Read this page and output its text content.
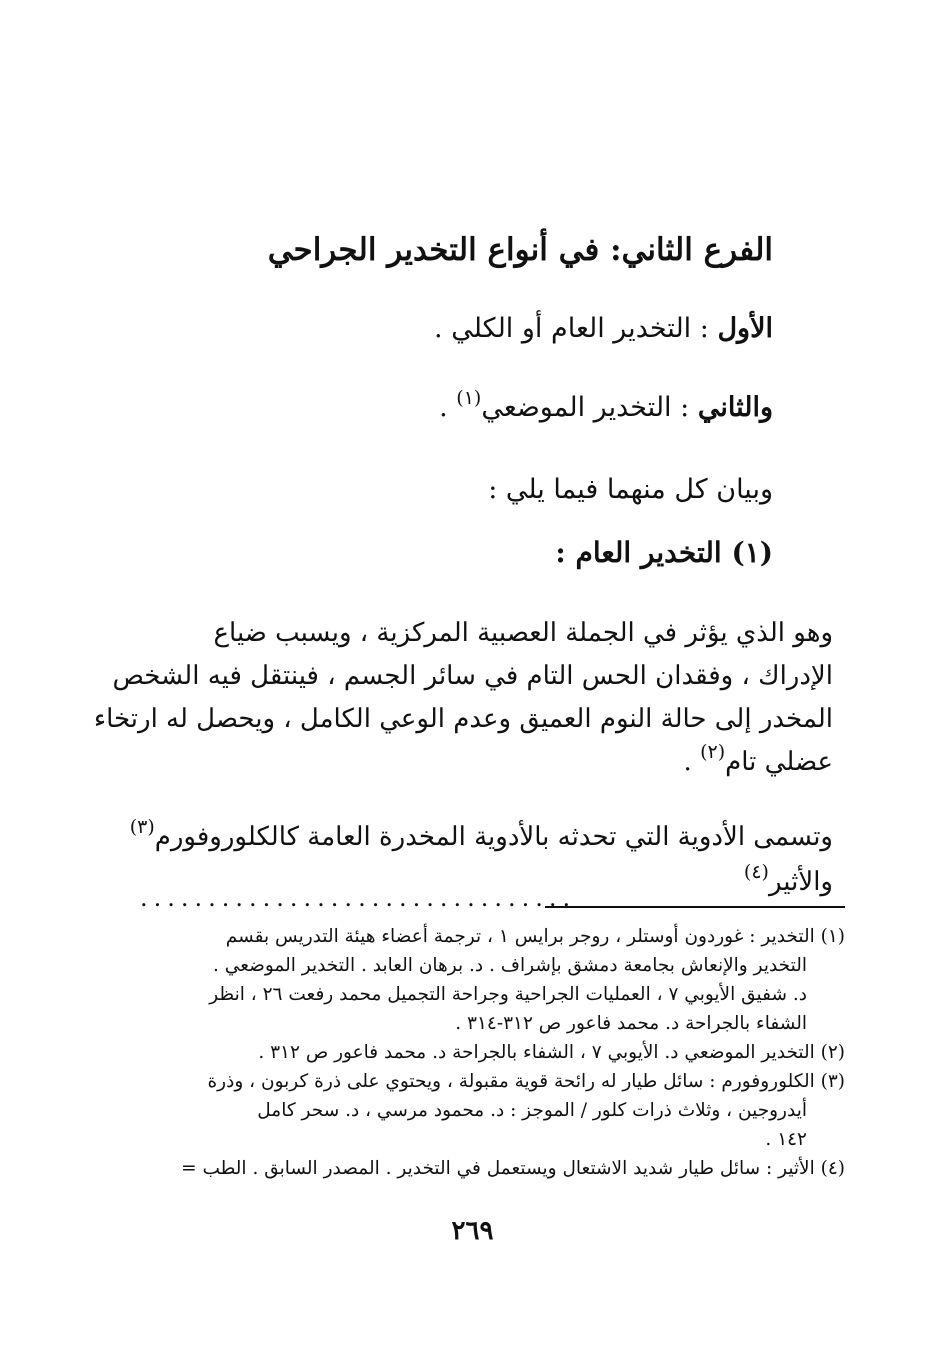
الفرع الثاني: في أنواع التخدير الجراحي
الأول : التخدير العام أو الكلي .
والثاني : التخدير الموضعي$^{(١)}$ .
وبيان كل منهما فيما يلي :
(١) التخدير العام :
وهو الذي يؤثر في الجملة العصبية المركزية ، ويسبب ضياع
الإدراك ، وفقدان الحس التام في سائر الجسم ، فينتقل فيه الشخص
المخدر إلى حالة النوم العميق وعدم الوعي الكامل ، ويحصل له ارتخاء
عضلي تام$^{(٢)}$ .
وتسمى الأدوية التي تحدثه بالأدوية المخدرة العامة كالكلوروفورم$^{(٣)}$
والأثير$^{(٤)}$
................................
(١) التخدير : غوردون أوستلر ، روجر برايس ١ ، ترجمة أعضاء هيئة التدريس بقسم
التخدير والإنعاش بجامعة دمشق بإشراف . د. برهان العابد . التخدير الموضعي .
د. شفيق الأيوبي ٧ ، العمليات الجراحية وجراحة التجميل محمد رفعت ٢٦ ، انظر
الشفاء بالجراحة د. محمد فاعور ص ٣١٢-٣١٤ .
(٢) التخدير الموضعي د. الأيوبي ٧ ، الشفاء بالجراحة د. محمد فاعور ص ٣١٢ .
(٣) الكلوروفورم : سائل طيار له رائحة قوية مقبولة ، ويحتوي على ذرة كربون ، وذرة
أيدروجين ، وثلاث ذرات كلور / الموجز : د. محمود مرسي ، د. سحر كامل
١٤٢ .
(٤) الأثير : سائل طيار شديد الاشتعال ويستعمل في التخدير . المصدر السابق . الطب =
٢٦٩
